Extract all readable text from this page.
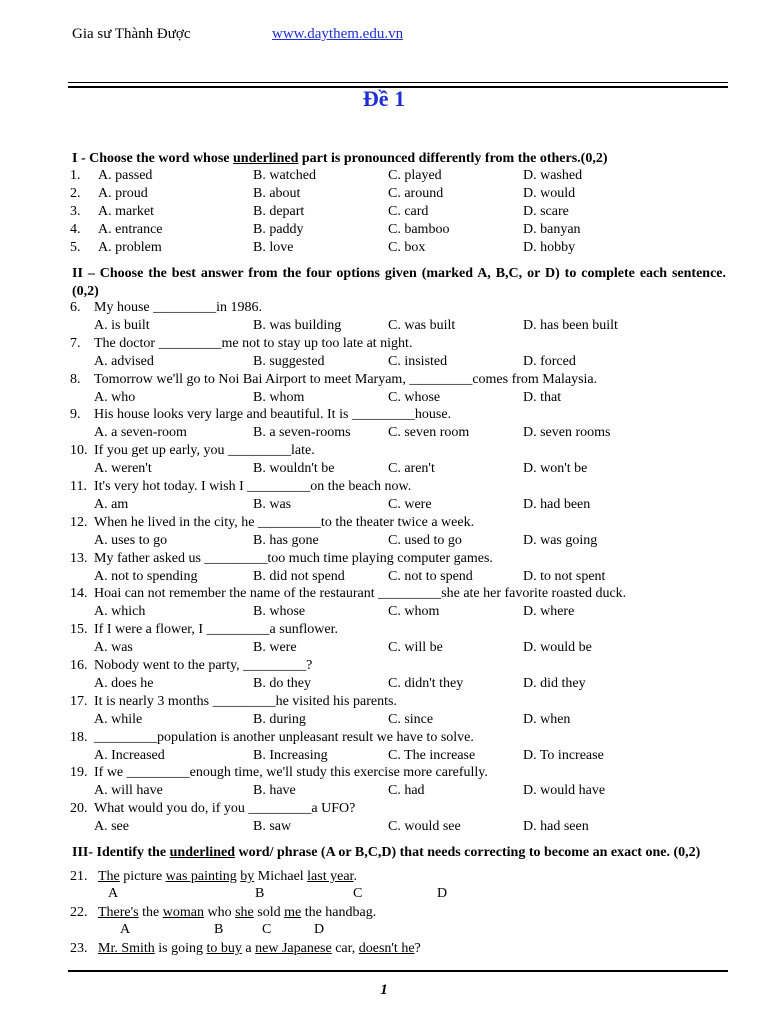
Gia sư Thành Được	www.daythem.edu.vn
Đề 1
I - Choose the word whose underlined part is pronounced differently from the others.(0,2)
1. A. passed	B. watched	C. played	D. washed
2. A. proud	B. about	C. around	D. would
3. A. market	B. depart	C. card	D. scare
4. A. entrance	B. paddy	C. bamboo	D. banyan
5. A. problem	B. love	C. box	D. hobby
II – Choose the best answer from the four options given (marked A, B,C, or D) to complete each sentence. (0,2)
6. My house _________in 1986.
A. is built	B. was building	C. was built	D. has been built
7. The doctor _________me not to stay up too late at night.
A. advised	B. suggested	C. insisted	D. forced
8. Tomorrow we'll go to Noi Bai Airport to meet Maryam, _________comes from Malaysia.
A. who	B. whom	C. whose	D. that
9. His house looks very large and beautiful. It is _________house.
A. a seven-room	B. a seven-rooms	C. seven room	D. seven rooms
10. If you get up early, you _________late.
A. weren't	B. wouldn't be	C. aren't	D. won't be
11. It's very hot today. I wish I _________on the beach now.
A. am	B. was	C. were	D. had been
12. When he lived in the city, he _________to the theater twice a week.
A. uses to go	B. has gone	C. used to go	D. was going
13. My father asked us _________too much time playing computer games.
A. not to spending	B. did not spend	C. not to spend	D. to not spent
14. Hoai can not remember the name of the restaurant _________she ate her favorite roasted duck.
A. which	B. whose	C. whom	D. where
15. If I were a flower, I _________a sunflower.
A. was	B. were	C. will be	D. would be
16. Nobody went to the party, _________?
A. does he	B. do they	C. didn't they	D. did they
17. It is nearly 3 months _________he visited his parents.
A. while	B. during	C. since	D. when
18. _________population is another unpleasant result we have to solve.
A. Increased	B. Increasing	C. The increase	D. To increase
19. If we _________enough time, we'll study this exercise more carefully.
A. will have	B. have	C. had	D. would have
20. What would you do, if you _________a UFO?
A. see	B. saw	C. would see	D. had seen
III- Identify the underlined word/ phrase (A or B,C,D) that needs correcting to become an exact one. (0,2)
21. The picture was painting by Michael last year.
A	B	C	D
22. There's the woman who she sold me the handbag.
A	B	C	D
23. Mr. Smith is going to buy a new Japanese car, doesn't he?
1
